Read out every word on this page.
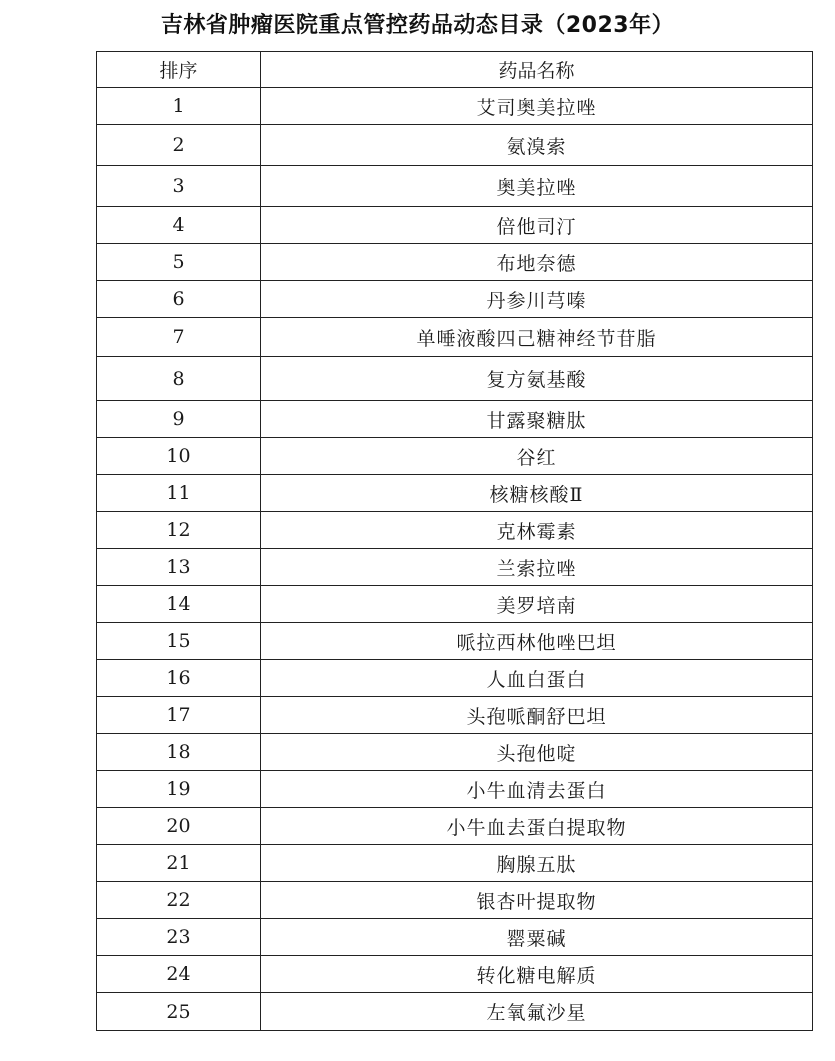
吉林省肿瘤医院重点管控药品动态目录（2023年）
排序	药品名称
1	艾司奥美拉唑
2	氨溴索
3	奥美拉唑
4	倍他司汀
5	布地奈德
6	丹参川芎嗪
7	单唾液酸四己糖神经节苷脂
8	复方氨基酸
9	甘露聚糖肽
10	谷红
11	核糖核酸Ⅱ
12	克林霉素
13	兰索拉唑
14	美罗培南
15	哌拉西林他唑巴坦
16	人血白蛋白
17	头孢哌酮舒巴坦
18	头孢他啶
19	小牛血清去蛋白
20	小牛血去蛋白提取物
21	胸腺五肽
22	银杏叶提取物
23	罂粟碱
24	转化糖电解质
25	左氧氟沙星
